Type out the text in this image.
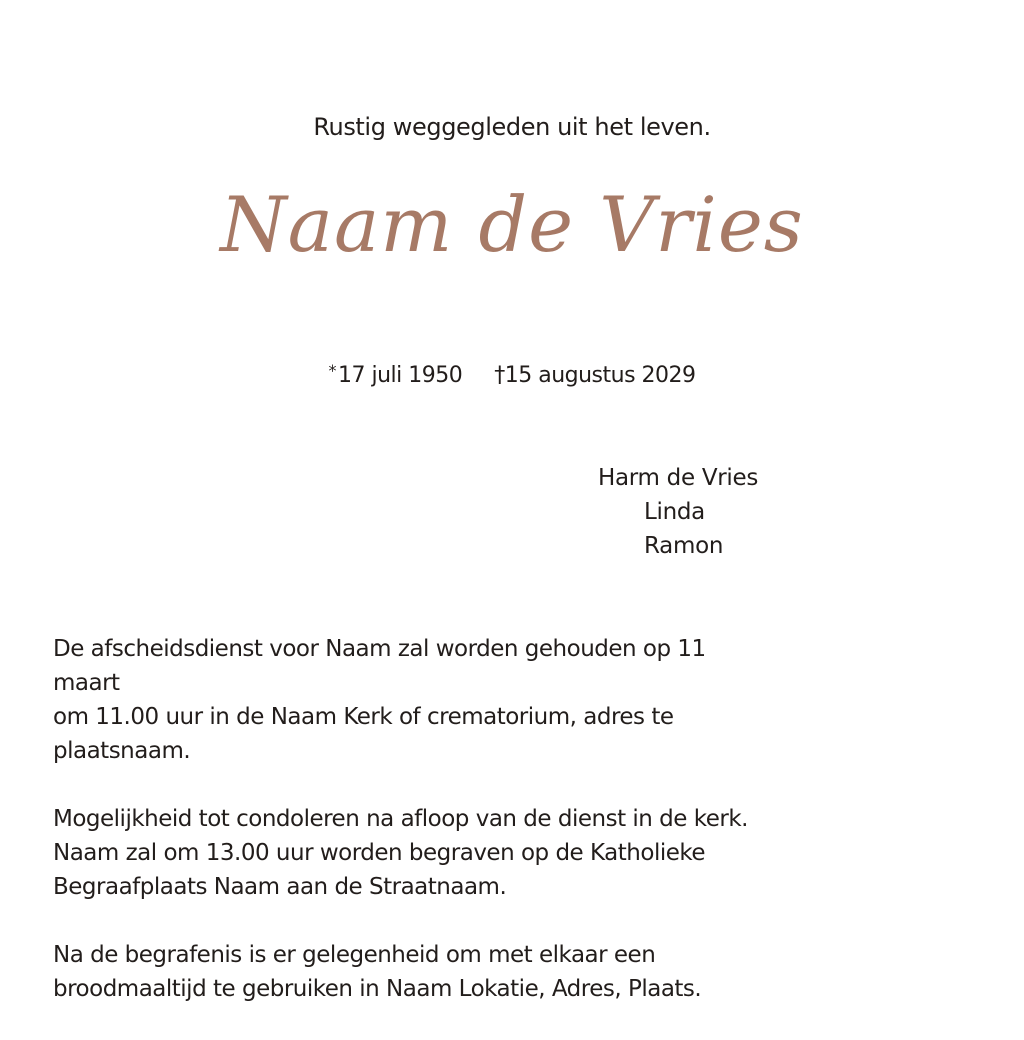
Rustig weggegleden uit het leven.
Naam de Vries
*17 juli 1950 †15 augustus 2029
Harm de Vries
Linda
Ramon

De afscheidsdienst voor Naam zal worden gehouden op 11 maart
om 11.00 uur in de Naam Kerk of crematorium, adres te
plaatsnaam.

Mogelijkheid tot condoleren na afloop van de dienst in de kerk.
Naam zal om 13.00 uur worden begraven op de Katholieke
Begraafplaats Naam aan de Straatnaam.

Na de begrafenis is er gelegenheid om met elkaar een
broodmaaltijd te gebruiken in Naam Lokatie, Adres, Plaats.
